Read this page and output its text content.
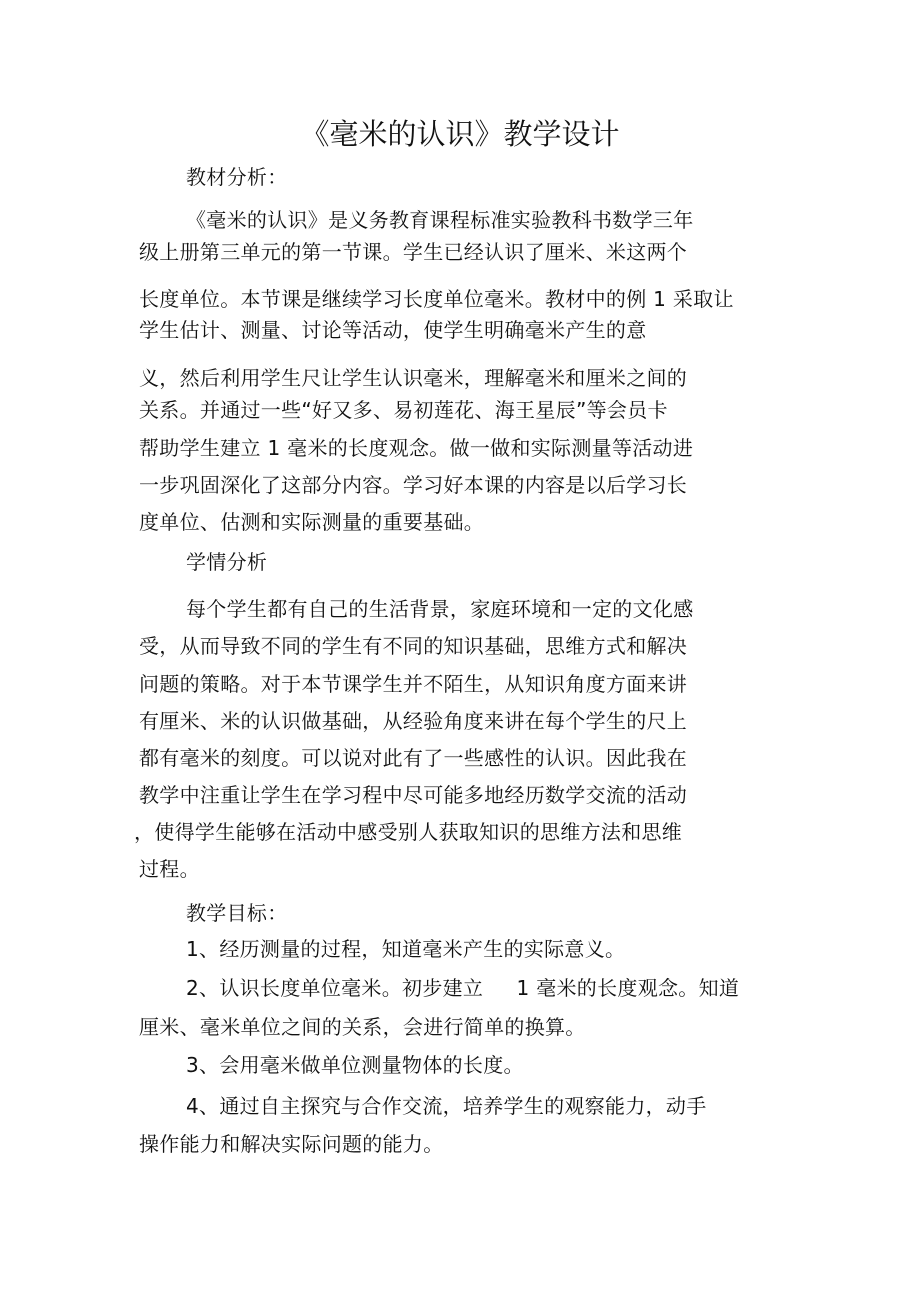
《毫米的认识》教学设计
教材分析：
《毫米的认识》是义务教育课程标准实验教科书数学三年
级上册第三单元的第一节课。学生已经认识了厘米、米这两个
长度单位。本节课是继续学习长度单位毫米。教材中的例 1 采取让
学生估计、测量、讨论等活动，使学生明确毫米产生的意
义，然后利用学生尺让学生认识毫米，理解毫米和厘米之间的
关系。并通过一些“好又多、易初莲花、海王星辰”等会员卡
帮助学生建立 1 毫米的长度观念。做一做和实际测量等活动进
一步巩固深化了这部分内容。学习好本课的内容是以后学习长
度单位、估测和实际测量的重要基础。
学情分析
每个学生都有自己的生活背景，家庭环境和一定的文化感
受，从而导致不同的学生有不同的知识基础，思维方式和解决
问题的策略。对于本节课学生并不陌生，从知识角度方面来讲
有厘米、米的认识做基础，从经验角度来讲在每个学生的尺上
都有毫米的刻度。可以说对此有了一些感性的认识。因此我在
教学中注重让学生在学习程中尽可能多地经历数学交流的活动
，使得学生能够在活动中感受别人获取知识的思维方法和思维
过程。
教学目标：
1、经历测量的过程，知道毫米产生的实际意义。
2、认识长度单位毫米。初步建立     1 毫米的长度观念。知道
厘米、毫米单位之间的关系，会进行简单的换算。
3、会用毫米做单位测量物体的长度。
4、通过自主探究与合作交流，培养学生的观察能力，动手
操作能力和解决实际问题的能力。
